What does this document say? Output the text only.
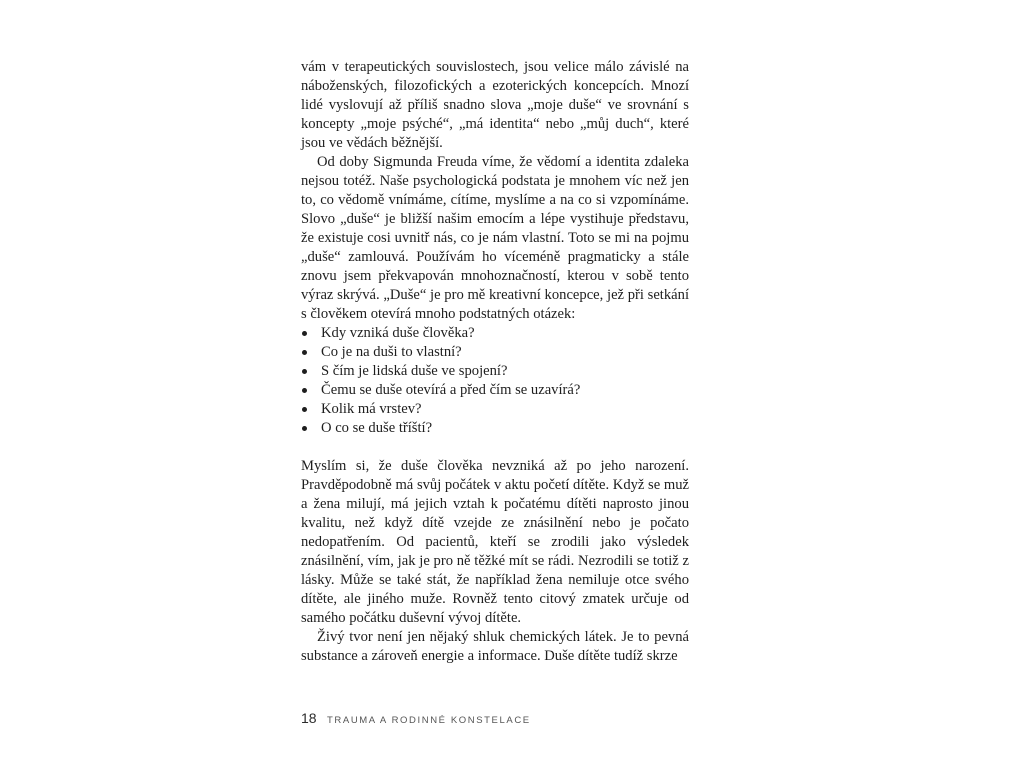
vám v terapeutických souvislostech, jsou velice málo závislé na náboženských, filozofických a ezoterických koncepcích. Mnozí lidé vyslovují až příliš snadno slova „moje duše“ ve srovnání s koncepty „moje psýché“, „má identita“ nebo „můj duch“, které jsou ve vědách běžnější.

Od doby Sigmunda Freuda víme, že vědomí a identita zdaleka nejsou totéž. Naše psychologická podstata je mnohem víc než jen to, co vědomě vnímáme, cítíme, myslíme a na co si vzpomínáme. Slovo „duše“ je bližší našim emocím a lépe vystihuje představu, že existuje cosi uvnitř nás, co je nám vlastní. Toto se mi na pojmu „duše“ zamlouvá. Používám ho víceméně pragmaticky a stále znovu jsem překvapován mnohoznačností, kterou v sobě tento výraz skrývá. „Duše“ je pro mě kreativní koncepce, jež při setkání s člověkem otevírá mnoho podstatných otázek:

Kdy vzniká duše člověka?
Co je na duši to vlastní?
S čím je lidská duše ve spojení?
Čemu se duše otevírá a před čím se uzavírá?
Kolik má vrstev?
O co se duše tříští?

Myslím si, že duše člověka nevzniká až po jeho narození. Pravděpodobně má svůj počátek v aktu početí dítěte. Když se muž a žena milují, má jejich vztah k počatému dítěti naprosto jinou kvalitu, než když dítě vzejde ze znásilnění nebo je počato nedopatřením. Od pacientů, kteří se zrodili jako výsledek znásilnění, vím, jak je pro ně těžké mít se rádi. Nezrodili se totiž z lásky. Může se také stát, že například žena nemiluje otce svého dítěte, ale jiného muže. Rovněž tento citový zmatek určuje od samého počátku duševní vývoj dítěte.

Živý tvor není jen nějaký shluk chemických látek. Je to pevná substance a zároveň energie a informace. Duše dítěte tudíž skrze

18 TRAUMA A RODINNÉ KONSTELACE
